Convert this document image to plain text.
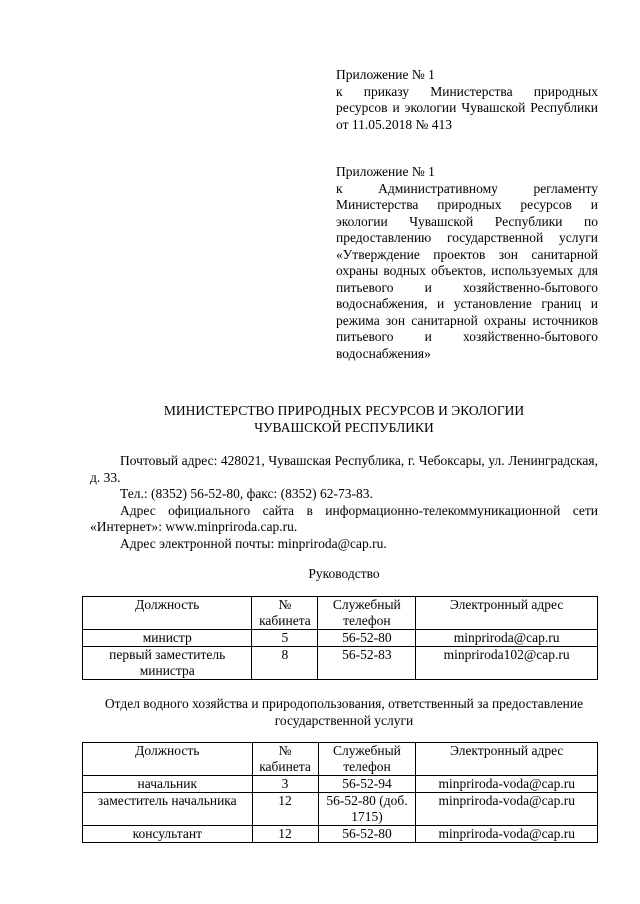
Приложение № 1

к приказу Министерства природных ресурсов и экологии Чувашской Республики

от 11.05.2018 № 413

Приложение № 1

к Административному регламенту Министерства природных ресурсов и экологии Чувашской Республики по предоставлению государственной услуги «Утверждение проектов зон санитарной охраны водных объектов, используемых для питьевого и хозяйственно-бытового водоснабжения, и установление границ и режима зон санитарной охраны источников питьевого и хозяйственно-бытового водоснабжения»

МИНИСТЕРСТВО ПРИРОДНЫХ РЕСУРСОВ И ЭКОЛОГИИ

ЧУВАШСКОЙ РЕСПУБЛИКИ

Почтовый адрес: 428021, Чувашская Республика, г. Чебоксары, ул. Ленинградская, д. 33.

Тел.: (8352) 56-52-80, факс: (8352) 62-73-83.

Адрес официального сайта в информационно-телекоммуникационной сети «Интернет»: www.minpriroda.cap.ru.

Адрес электронной почты: minpriroda@cap.ru.

Руководство

Должность	№ кабинета	Служебный телефон	Электронный адрес
министр	5	56-52-80	minpriroda@cap.ru
первый заместитель министра	8	56-52-83	minpriroda102@cap.ru

Отдел водного хозяйства и природопользования, ответственный за предоставление государственной услуги

Должность	№ кабинета	Служебный телефон	Электронный адрес
начальник	3	56-52-94	minpriroda-voda@cap.ru
заместитель начальника	12	56-52-80 (доб. 1715)	minpriroda-voda@cap.ru
консультант	12	56-52-80	minpriroda-voda@cap.ru
